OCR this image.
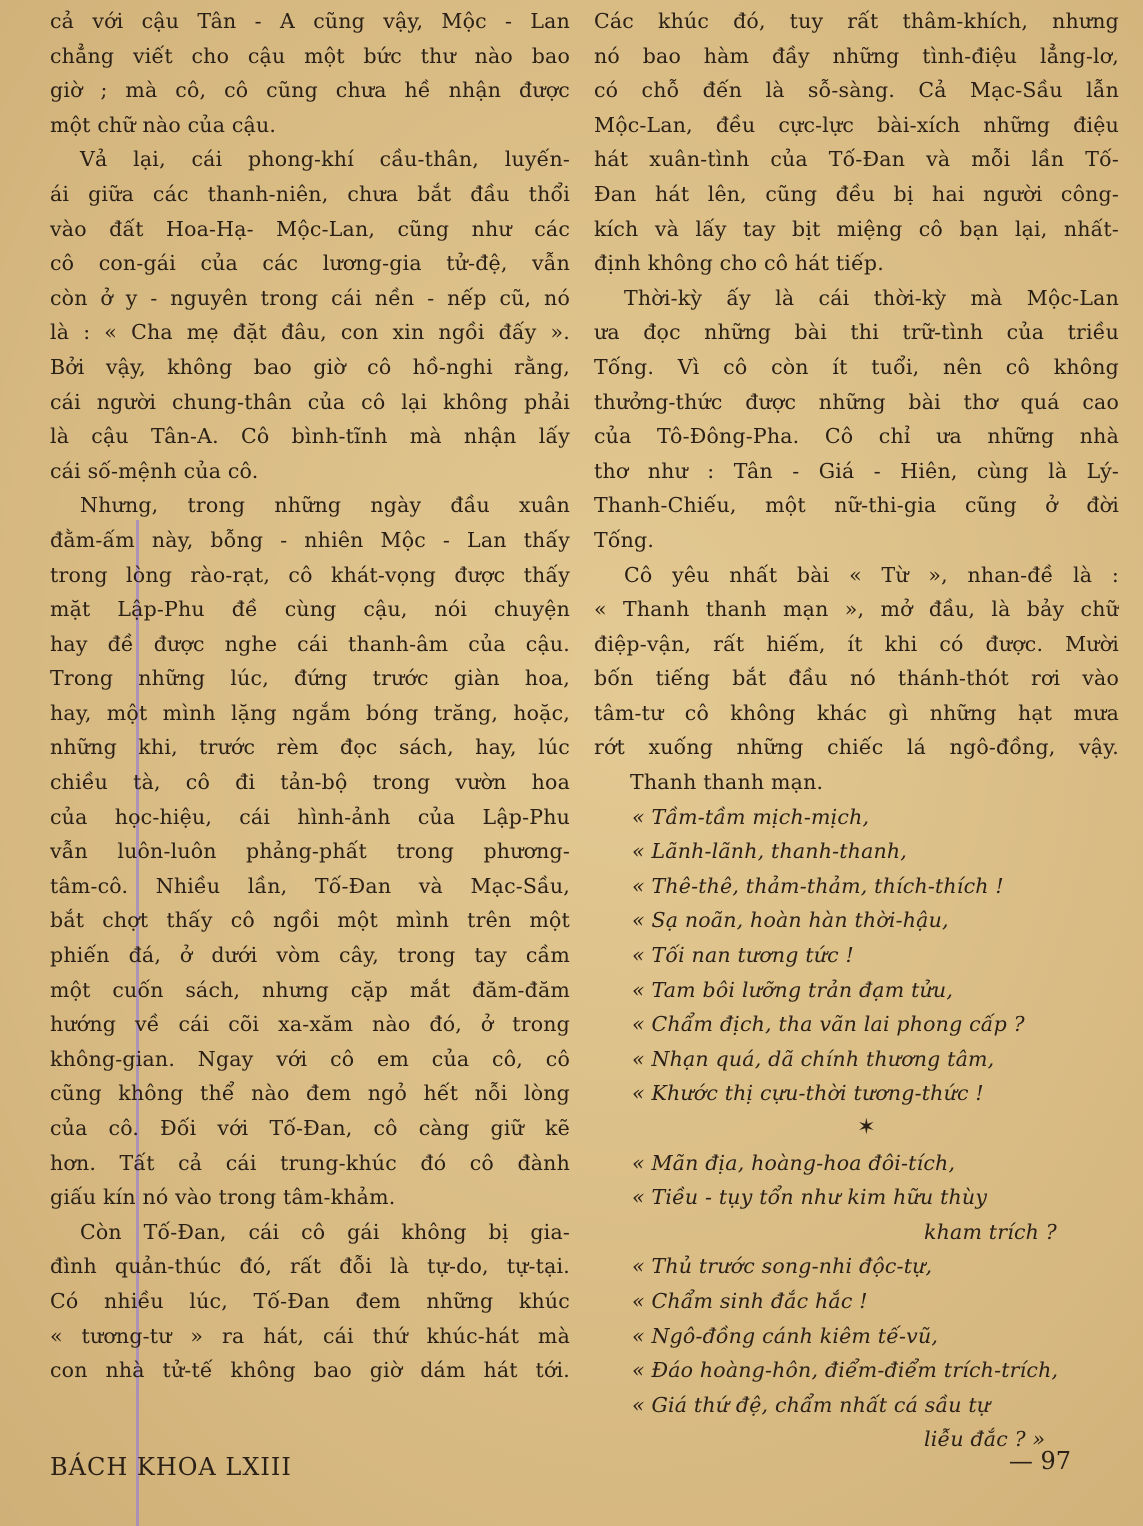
cả với cậu Tân - A cũng vậy, Mộc - Lan
chẳng viết cho cậu một bức thư nào bao
giờ ; mà cô, cô cũng chưa hề nhận được
một chữ nào của cậu.
Vả lại, cái phong-khí cầu-thân, luyến-
ái giữa các thanh-niên, chưa bắt đầu thổi
vào đất Hoa-Hạ- Mộc-Lan, cũng như các
cô con-gái của các lương-gia tử-đệ, vẫn
còn ở y - nguyên trong cái nền - nếp cũ, nó
là : « Cha mẹ đặt đâu, con xin ngồi đấy ».
Bởi vậy, không bao giờ cô hồ-nghi rằng,
cái người chung-thân của cô lại không phải
là cậu Tân-A. Cô bình-tĩnh mà nhận lấy
cái số-mệnh của cô.
Nhưng, trong những ngày đầu xuân
đằm-ấm này, bỗng - nhiên Mộc - Lan thấy
trong lòng rào-rạt, cô khát-vọng được thấy
mặt Lập-Phu đề cùng cậu, nói chuyện
hay đề được nghe cái thanh-âm của cậu.
Trong những lúc, đứng trước giàn hoa,
hay, một mình lặng ngắm bóng trăng, hoặc,
những khi, trước rèm đọc sách, hay, lúc
chiều tà, cô đi tản-bộ trong vườn hoa
của học-hiệu, cái hình-ảnh của Lập-Phu
vẫn luôn-luôn phảng-phất trong phương-
tâm-cô. Nhiều lần, Tố-Đan và Mạc-Sầu,
bắt chợt thấy cô ngồi một mình trên một
phiến đá, ở dưới vòm cây, trong tay cầm
một cuốn sách, nhưng cặp mắt đăm-đăm
hướng về cái cõi xa-xăm nào đó, ở trong
không-gian. Ngay với cô em của cô, cô
cũng không thể nào đem ngỏ hết nỗi lòng
của cô. Đối với Tố-Đan, cô càng giữ kẽ
hơn. Tất cả cái trung-khúc đó cô đành
giấu kín nó vào trong tâm-khảm.
Còn Tố-Đan, cái cô gái không bị gia-
đình quản-thúc đó, rất đỗi là tự-do, tự-tại.
Có nhiều lúc, Tố-Đan đem những khúc
« tương-tư » ra hát, cái thứ khúc-hát mà
con nhà tử-tế không bao giờ dám hát tới.
Các khúc đó, tuy rất thâm-khích, nhưng
nó bao hàm đầy những tình-điệu lẳng-lơ,
có chỗ đến là sỗ-sàng. Cả Mạc-Sầu lẫn
Mộc-Lan, đều cực-lực bài-xích những điệu
hát xuân-tình của Tố-Đan và mỗi lần Tố-
Đan hát lên, cũng đều bị hai người công-
kích và lấy tay bịt miệng cô bạn lại, nhất-
định không cho cô hát tiếp.
Thời-kỳ ấy là cái thời-kỳ mà Mộc-Lan
ưa đọc những bài thi trữ-tình của triều
Tống. Vì cô còn ít tuổi, nên cô không
thưởng-thức được những bài thơ quá cao
của Tô-Đông-Pha. Cô chỉ ưa những nhà
thơ như : Tân - Giá - Hiên, cùng là Lý-
Thanh-Chiếu, một nữ-thi-gia cũng ở đời
Tống.
Cô yêu nhất bài « Từ », nhan-đề là :
« Thanh thanh mạn », mở đầu, là bảy chữ
điệp-vận, rất hiếm, ít khi có được. Mười
bốn tiếng bắt đầu nó thánh-thót rơi vào
tâm-tư cô không khác gì những hạt mưa
rớt xuống những chiếc lá ngô-đồng, vậy.
Thanh thanh mạn.
« Tầm-tầm mịch-mịch,
« Lãnh-lãnh, thanh-thanh,
« Thê-thê, thảm-thảm, thích-thích !
« Sạ noãn, hoàn hàn thời-hậu,
« Tối nan tương tức !
« Tam bôi lưỡng trản đạm tửu,
« Chẩm địch, tha vãn lai phong cấp ?
« Nhạn quá, dã chính thương tâm,
« Khước thị cựu-thời tương-thức !
✶
« Mãn địa, hoàng-hoa đôi-tích,
« Tiều - tụy tổn như kim hữu thùy
kham trích ?
« Thủ trước song-nhi độc-tự,
« Chẩm sinh đắc hắc !
« Ngô-đồng cánh kiêm tế-vũ,
« Đáo hoàng-hôn, điểm-điểm trích-trích,
« Giá thứ đệ, chẩm nhất cá sầu tự
liễu đắc ? »
BÁCH KHOA LXIII	— 97
